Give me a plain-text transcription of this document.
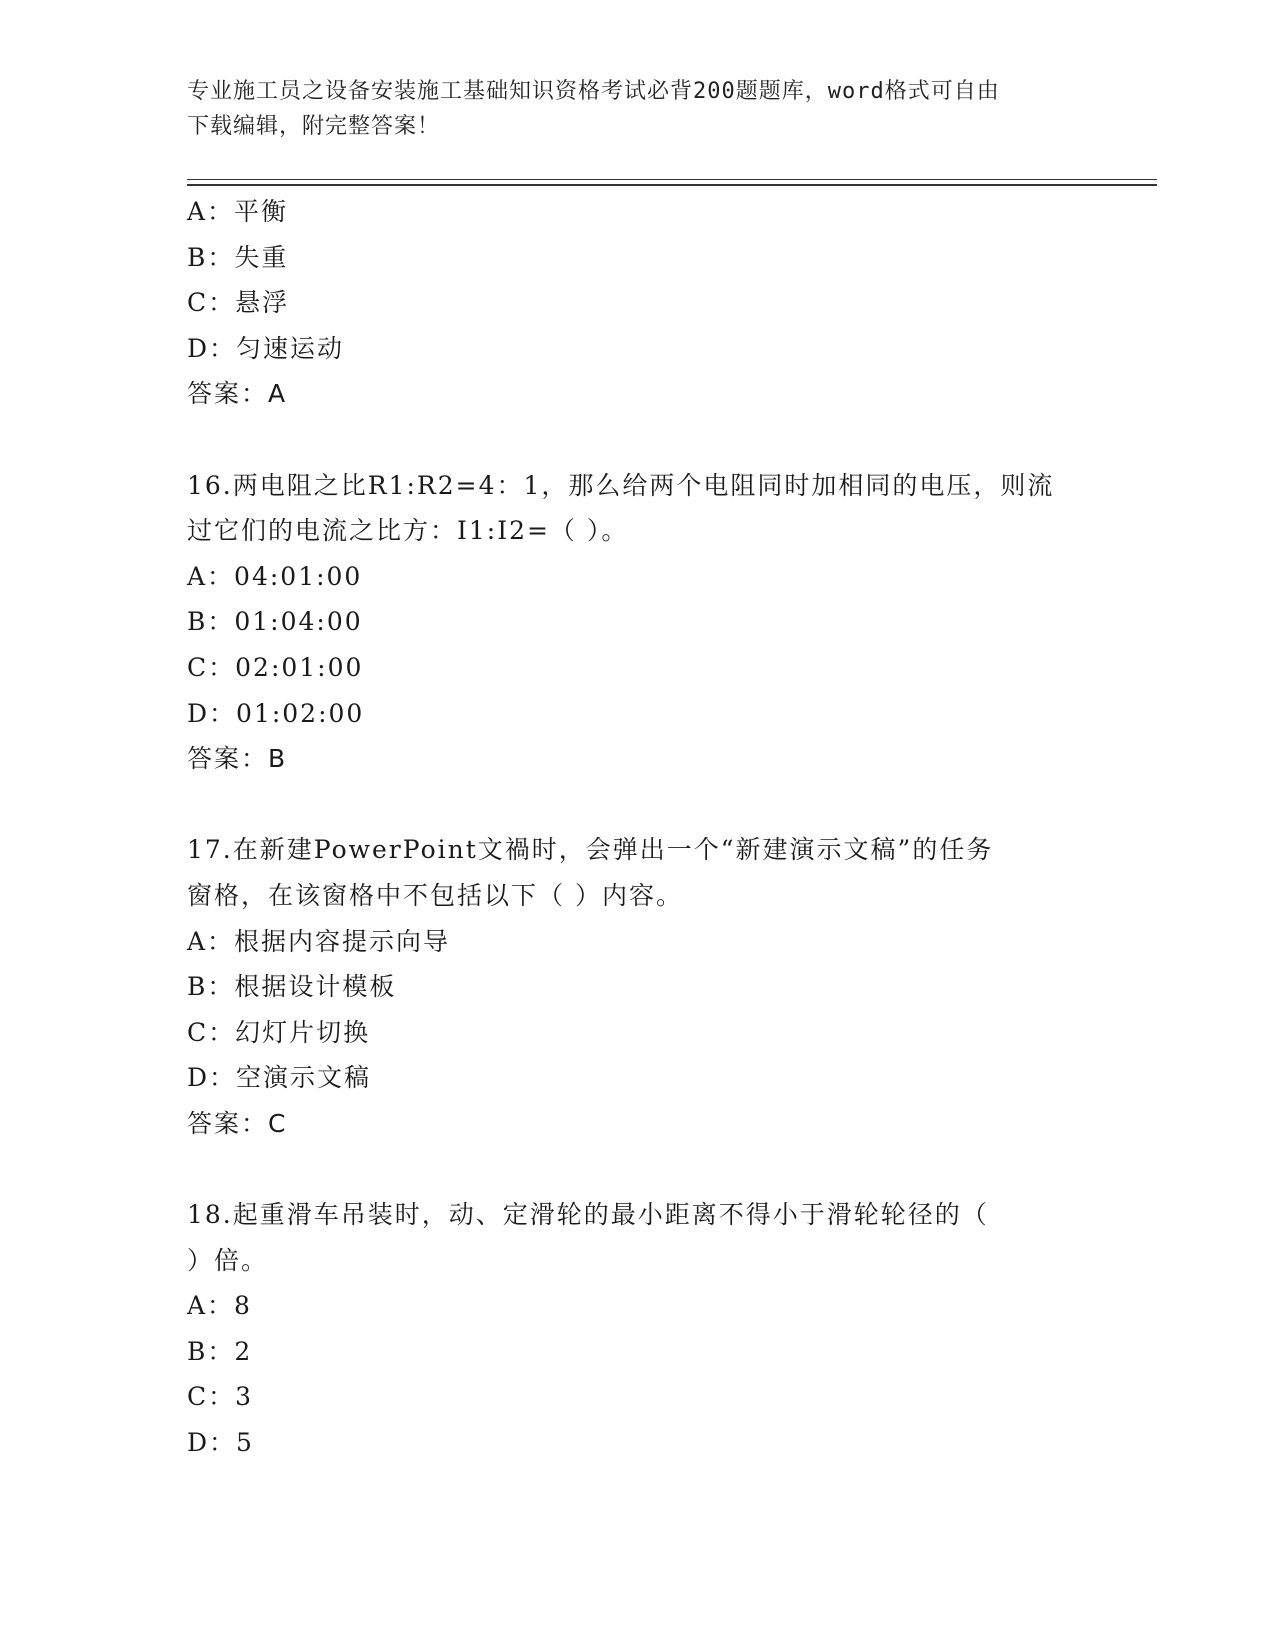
专业施工员之设备安装施工基础知识资格考试必背200题题库，word格式可自由
下载编辑，附完整答案！
A：平衡
B：失重
C：悬浮
D：匀速运动
答案：A
16.两电阻之比R1:R2=4：1，那么给两个电阻同时加相同的电压，则流
过它们的电流之比方：I1:I2=（ ）。
A：04:01:00
B：01:04:00
C：02:01:00
D：01:02:00
答案：B
17.在新建PowerPoint文禍时，会弹出一个“新建演示文稿”的任务
窗格，在该窗格中不包括以下（ ）内容。
A：根据内容提示向导
B：根据设计模板
C：幻灯片切换
D：空演示文稿
答案：C
18.起重滑车吊装时，动、定滑轮的最小距离不得小于滑轮轮径的（
）倍。
A：8
B：2
C：3
D：5
